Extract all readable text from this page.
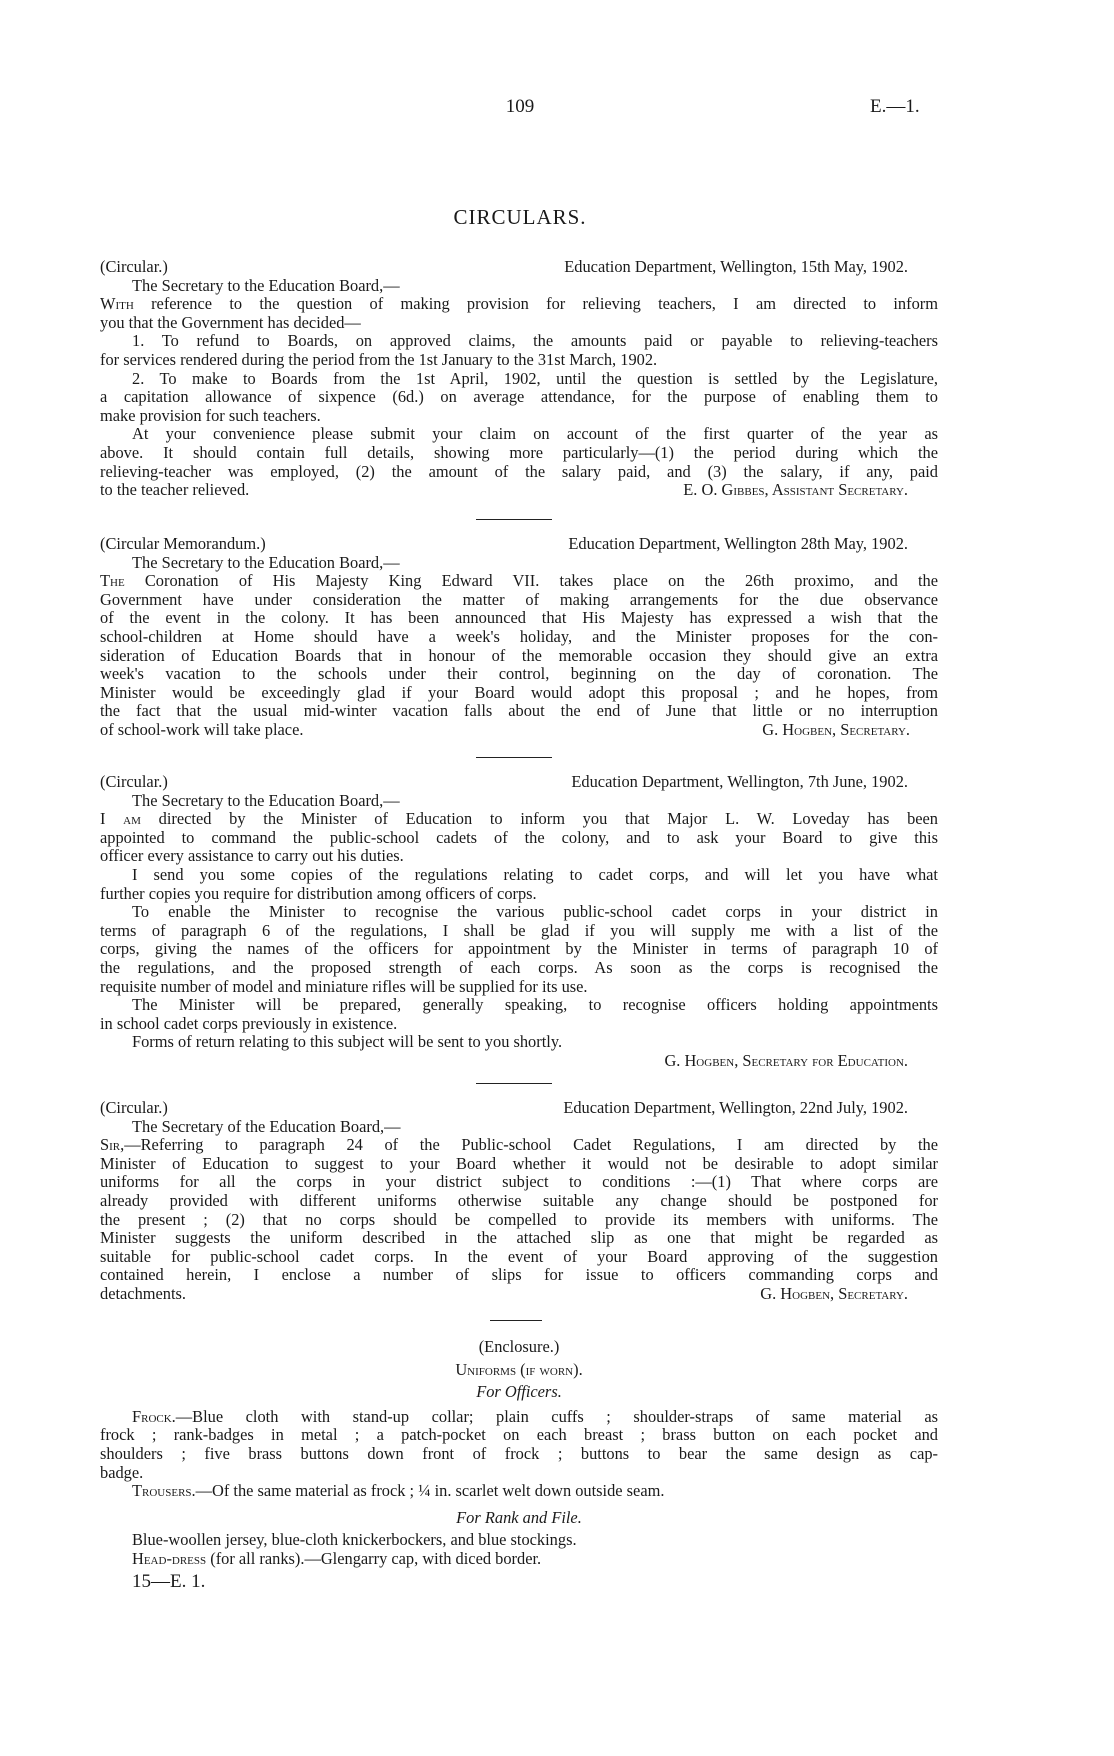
109	E.—1.
CIRCULARS.
(Circular.)	Education Department, Wellington, 15th May, 1902.
The Secretary to the Education Board,—
With reference to the question of making provision for relieving teachers, I am directed to inform
you that the Government has decided—
1. To refund to Boards, on approved claims, the amounts paid or payable to relieving-teachers
for services rendered during the period from the 1st January to the 31st March, 1902.
2. To make to Boards from the 1st April, 1902, until the question is settled by the Legislature,
a capitation allowance of sixpence (6d.) on average attendance, for the purpose of enabling them to
make provision for such teachers.
At your convenience please submit your claim on account of the first quarter of the year as
above. It should contain full details, showing more particularly—(1) the period during which the
relieving-teacher was employed, (2) the amount of the salary paid, and (3) the salary, if any, paid
to the teacher relieved.	E. O. Gibbes, Assistant Secretary.
(Circular Memorandum.)	Education Department, Wellington 28th May, 1902.
The Secretary to the Education Board,—
The Coronation of His Majesty King Edward VII. takes place on the 26th proximo, and the
Government have under consideration the matter of making arrangements for the due observance
of the event in the colony. It has been announced that His Majesty has expressed a wish that the
school-children at Home should have a week's holiday, and the Minister proposes for the con-
sideration of Education Boards that in honour of the memorable occasion they should give an extra
week's vacation to the schools under their control, beginning on the day of coronation. The
Minister would be exceedingly glad if your Board would adopt this proposal ; and he hopes, from
the fact that the usual mid-winter vacation falls about the end of June that little or no interruption
of school-work will take place.	G. Hogben, Secretary.
(Circular.)	Education Department, Wellington, 7th June, 1902.
The Secretary to the Education Board,—
I am directed by the Minister of Education to inform you that Major L. W. Loveday has been
appointed to command the public-school cadets of the colony, and to ask your Board to give this
officer every assistance to carry out his duties.
I send you some copies of the regulations relating to cadet corps, and will let you have what
further copies you require for distribution among officers of corps.
To enable the Minister to recognise the various public-school cadet corps in your district in
terms of paragraph 6 of the regulations, I shall be glad if you will supply me with a list of the
corps, giving the names of the officers for appointment by the Minister in terms of paragraph 10 of
the regulations, and the proposed strength of each corps. As soon as the corps is recognised the
requisite number of model and miniature rifles will be supplied for its use.
The Minister will be prepared, generally speaking, to recognise officers holding appointments
in school cadet corps previously in existence.
Forms of return relating to this subject will be sent to you shortly.
G. Hogben, Secretary for Education.
(Circular.)	Education Department, Wellington, 22nd July, 1902.
The Secretary of the Education Board,—
Sir,—Referring to paragraph 24 of the Public-school Cadet Regulations, I am directed by the
Minister of Education to suggest to your Board whether it would not be desirable to adopt similar
uniforms for all the corps in your district subject to conditions :—(1) That where corps are
already provided with different uniforms otherwise suitable any change should be postponed for
the present ; (2) that no corps should be compelled to provide its members with uniforms. The
Minister suggests the uniform described in the attached slip as one that might be regarded as
suitable for public-school cadet corps. In the event of your Board approving of the suggestion
contained herein, I enclose a number of slips for issue to officers commanding corps and
detachments.	G. Hogben, Secretary.
(Enclosure.)
Uniforms (if worn).
For Officers.
Frock.—Blue cloth with stand-up collar; plain cuffs ; shoulder-straps of same material as
frock ; rank-badges in metal ; a patch-pocket on each breast ; brass button on each pocket and
shoulders ; five brass buttons down front of frock ; buttons to bear the same design as cap-
badge.
Trousers.—Of the same material as frock ; ¼ in. scarlet welt down outside seam.
For Rank and File.
Blue-woollen jersey, blue-cloth knickerbockers, and blue stockings.
Head-dress (for all ranks).—Glengarry cap, with diced border.
15—E. 1.
